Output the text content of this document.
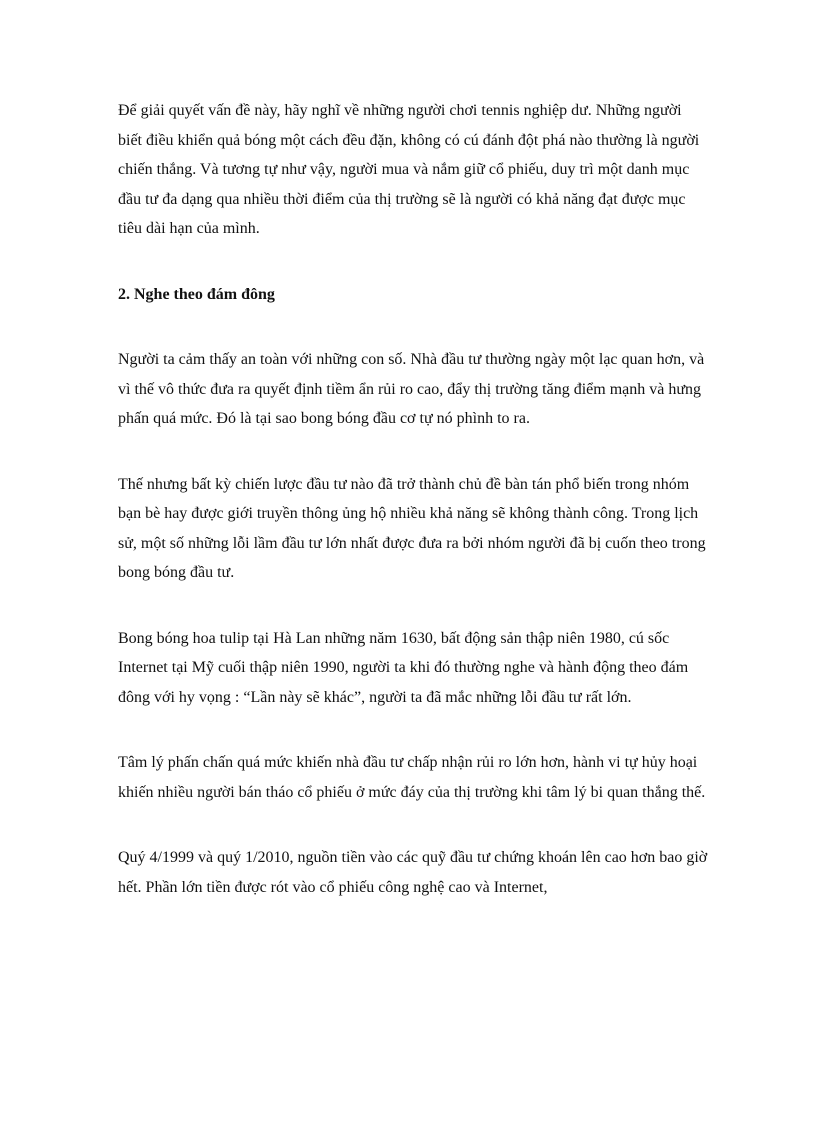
Để giải quyết vấn đề này, hãy nghĩ về những người chơi tennis nghiệp dư. Những người biết điều khiển quả bóng một cách đều đặn, không có cú đánh đột phá nào thường là người chiến thắng. Và tương tự như vậy, người mua và nắm giữ cổ phiếu, duy trì một danh mục đầu tư đa dạng qua nhiều thời điểm của thị trường sẽ là người có khả năng đạt được mục tiêu dài hạn của mình.

2. Nghe theo đám đông

Người ta cảm thấy an toàn với những con số. Nhà đầu tư thường ngày một lạc quan hơn, và vì thế vô thức đưa ra quyết định tiềm ẩn rủi ro cao, đẩy thị trường tăng điểm mạnh và hưng phấn quá mức. Đó là tại sao bong bóng đầu cơ tự nó phình to ra.

Thế nhưng bất kỳ chiến lược đầu tư nào đã trở thành chủ đề bàn tán phổ biến trong nhóm bạn bè hay được giới truyền thông ủng hộ nhiều khả năng sẽ không thành công. Trong lịch sử, một số những lỗi lầm đầu tư lớn nhất được đưa ra bởi nhóm người đã bị cuốn theo trong bong bóng đầu tư.

Bong bóng hoa tulip tại Hà Lan những năm 1630, bất động sản thập niên 1980, cú sốc Internet tại Mỹ cuối thập niên 1990, người ta khi đó thường nghe và hành động theo đám đông với hy vọng : “Lần này sẽ khác”, người ta đã mắc những lỗi đầu tư rất lớn.

Tâm lý phấn chấn quá mức khiến nhà đầu tư chấp nhận rủi ro lớn hơn, hành vi tự hủy hoại khiến nhiều người bán tháo cổ phiếu ở mức đáy của thị trường khi tâm lý bi quan thắng thế.

Quý 4/1999 và quý 1/2010, nguồn tiền vào các quỹ đầu tư chứng khoán lên cao hơn bao giờ hết. Phần lớn tiền được rót vào cổ phiếu công nghệ cao và Internet,
